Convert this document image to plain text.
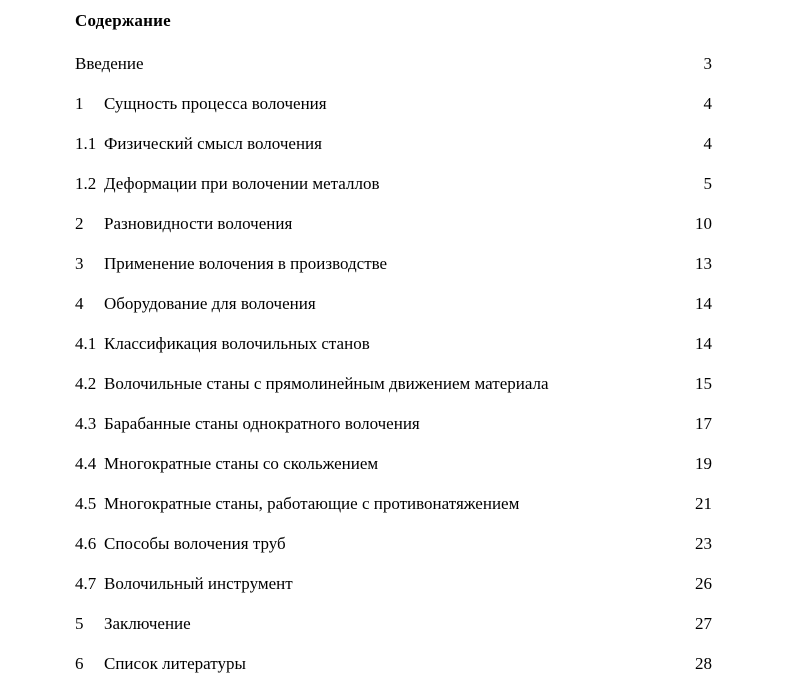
Содержание
Введение	3
1	Сущность процесса волочения	4
1.1 Физический смысл волочения	4
1.2 Деформации при волочении металлов	5
2	Разновидности волочения	10
3	Применение волочения в производстве	13
4	Оборудование для волочения	14
4.1 Классификация волочильных станов	14
4.2 Волочильные станы с прямолинейным движением материала	15
4.3 Барабанные станы однократного волочения	17
4.4 Многократные станы со скольжением	19
4.5 Многократные станы, работающие с противонатяжением	21
4.6 Способы волочения труб	23
4.7 Волочильный инструмент	26
5	Заключение	27
6	Список литературы	28
